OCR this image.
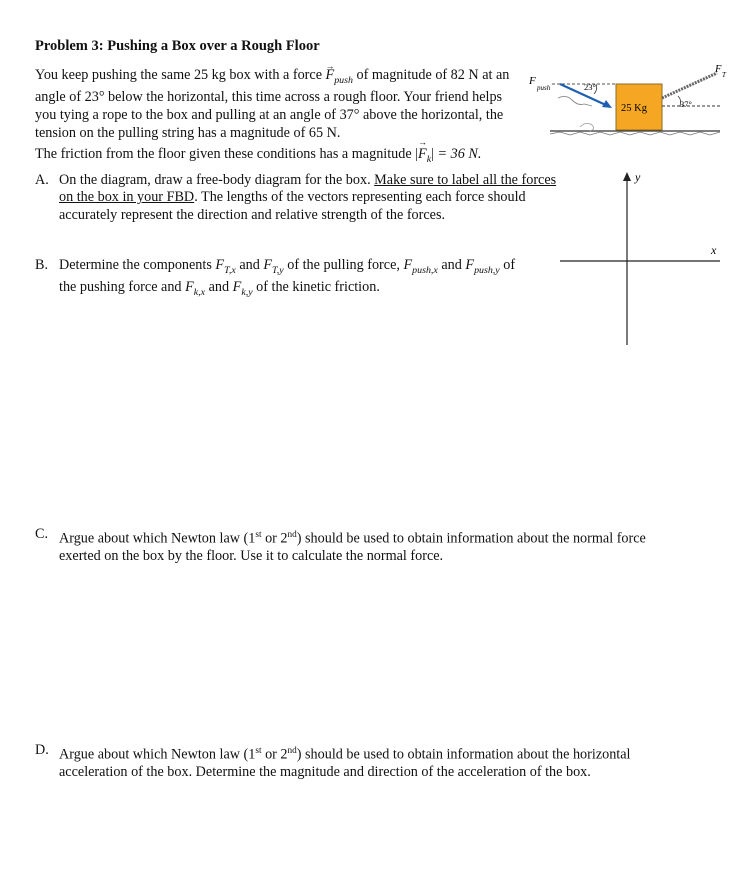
Problem 3: Pushing a Box over a Rough Floor
You keep pushing the same 25 kg box with a force → $F_{push}$ of magnitude of 82 N at an angle of 23° below the horizontal, this time across a rough floor. Your friend helps you tying a rope to the box and pulling at an angle of 37° above the horizontal, the tension on the pulling string has a magnitude of 65 N.
The friction from the floor given these conditions has a magnitude |→ $F_k| = 36$ N.
F
push	23°
25 Kg	37°
F T
y
x
A. On the diagram, draw a free-body diagram for the box. Make sure to label all the forces on the box in your FBD. The lengths of the vectors representing each force should accurately represent the direction and relative strength of the forces.
B. Determine the components $F_{T,x}$ and $F_{T,y}$ of the pulling force, $F_{push,x}$ and $F_{push,y}$ of the pushing force and $F_{k,x}$ and $F_{k,y}$ of the kinetic friction.
C. Argue about which Newton law (1st or 2nd) should be used to obtain information about the normal force exerted on the box by the floor. Use it to calculate the normal force.
D. Argue about which Newton law (1st or 2nd) should be used to obtain information about the horizontal acceleration of the box. Determine the magnitude and direction of the acceleration of the box.
